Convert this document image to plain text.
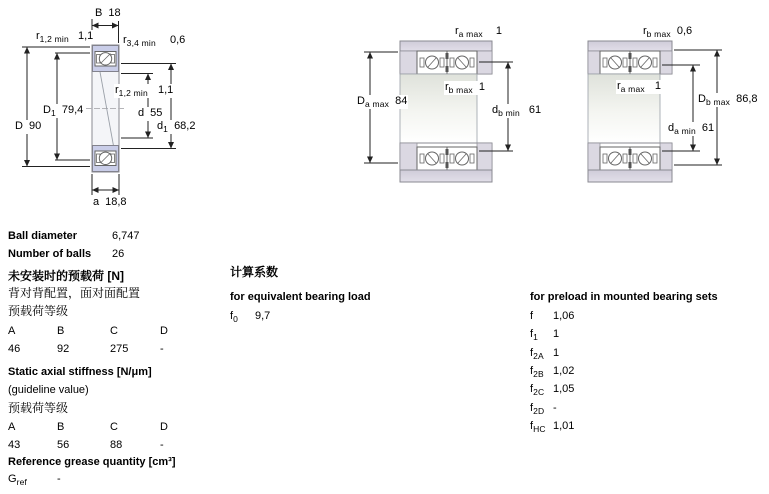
B 18
$r_{1,2 min}$ 1,1	$r_{3,4 min}$ 0,6
$r_{1,2 min}$ 1,1
$D_1$ 79,4	d 55
D 90	$d_1$ 68,2
a 18,8
$r_{a max}$ 1
$r_{b max}$ 1
$D_{a max}$ 84
$d_{b min}$ 61
$r_{b max}$ 0,6
$r_{a max}$ 1
$D_{b max}$ 86,8
$d_{a min}$ 61
Ball diameter	6,747
Number of balls 26
未安装时的预载荷 [N]
背对背配置，面对面配置
预载荷等级
A	B	C	D
46	92	275	-
Static axial stiffness [N/μm]
(guideline value)
预载荷等级
A	B	C	D
43	56	88	-
Reference grease quantity [cm³]
$G_{ref}$	-
计算系数
for equivalent bearing load
$f_0$ 9,7
for preload in mounted bearing sets
f 1,06
$f_1$ 1
$f_{2A}$ 1
$f_{2B}$ 1,02
$f_{2C}$ 1,05
$f_{2D}$ -
$f_{HC}$ 1,01
